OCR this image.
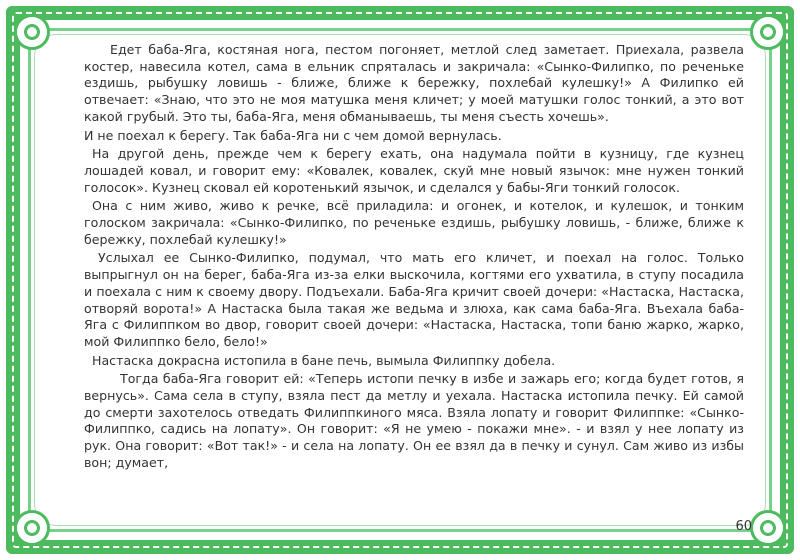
Едет баба-Яга, костяная нога, пестом погоняет, метлой след заметает. Приехала, развела костер, навесила котел, сама в ельник спряталась и закричала: «Сынко-Филипко, по реченьке ездишь, рыбушку ловишь - ближе, ближе к бережку, похлебай кулешку!» А Филипко ей отвечает: «Знаю, что это не моя матушка меня кличет; у моей матушки голос тонкий, а это вот какой грубый. Это ты, баба-Яга, меня обманываешь, ты меня съесть хочешь».

И не поехал к берегу. Так баба-Яга ни с чем домой вернулась.

На другой день, прежде чем к берегу ехать, она надумала пойти в кузницу, где кузнец лошадей ковал, и говорит ему: «Ковалек, ковалек, скуй мне новый язычок: мне нужен тонкий голосок». Кузнец сковал ей коротенький язычок, и сделался у бабы-Яги тонкий голосок.

Она с ним живо, живо к речке, всё приладила: и огонек, и котелок, и кулешок, и тонким голоском закричала: «Сынко-Филипко, по реченьке ездишь, рыбушку ловишь, - ближе, ближе к бережку, похлебай кулешку!»

Услыхал ее Сынко-Филипко, подумал, что мать его кличет, и поехал на голос. Только выпрыгнул он на берег, баба-Яга из-за елки выскочила, когтями его ухватила, в ступу посадила и поехала с ним к своему двору. Подъехали. Баба-Яга кричит своей дочери: «Настаска, Настаска, отворяй ворота!» А Настаска была такая же ведьма и злюха, как сама баба-Яга. Въехала баба-Яга с Филиппком во двор, говорит своей дочери: «Настаска, Настаска, топи баню жарко, жарко, мой Филиппко бело, бело!»

Настаска докрасна истопила в бане печь, вымыла Филиппку добела.

Тогда баба-Яга говорит ей: «Теперь истопи печку в избе и зажарь его; когда будет готов, я вернусь». Сама села в ступу, взяла пест да метлу и уехала. Настаска истопила печку. Ей самой до смерти захотелось отведать Филиппкиного мяса. Взяла лопату и говорит Филиппке: «Сынко-Филиппко, садись на лопату». Он говорит: «Я не умею - покажи мне». - и взял у нее лопату из рук. Она говорит: «Вот так!» - и села на лопату. Он ее взял да в печку и сунул. Сам живо из избы вон; думает,

60
